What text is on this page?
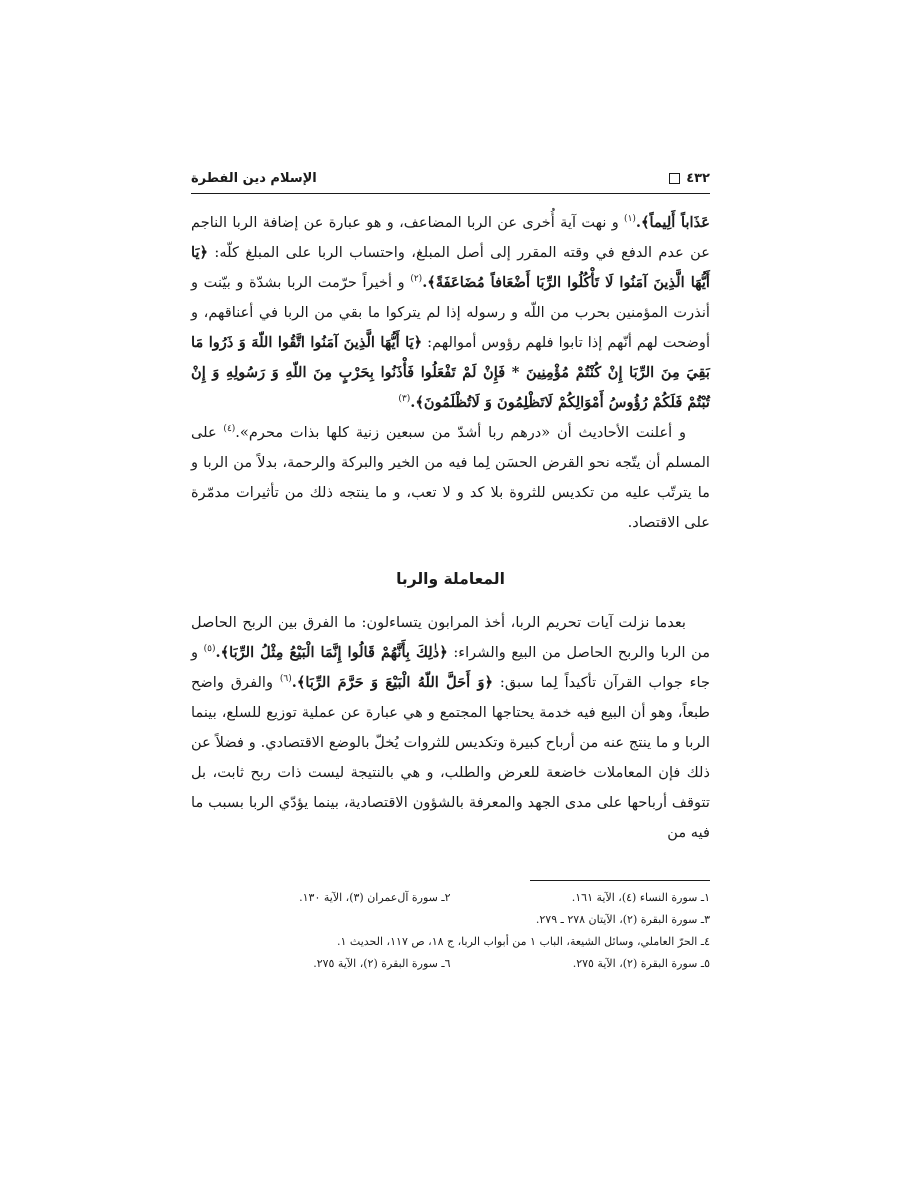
٤٣٢
الإسلام دين الفطرة

عَذَاباً أَلِيماً﴾.$^{(١)}$ و نهت آية أُخرى عن الربا المضاعف، و هو عبارة عن إضافة الربا الناجم عن عدم الدفع في وقته المقرر إلى أصل المبلغ، واحتساب الربا على المبلغ كلّه: ﴿يَا أَيُّهَا الَّذِينَ آمَنُوا لَا تَأْكُلُوا الرِّبَا أَضْعَافاً مُضَاعَفَةً﴾.$^{(٢)}$ و أخيراً حرّمت الربا بشدّة و بيّنت و أنذرت المؤمنين بحرب من اللّه و رسوله إذا لم يتركوا ما بقي من الربا في أعناقهم، و أوضحت لهم أنّهم إذا تابوا فلهم رؤوس أموالهم: ﴿يَا أَيُّهَا الَّذِينَ آمَنُوا اتَّقُوا اللّهَ وَ ذَرُوا مَا بَقِيَ مِنَ الرِّبَا إِنْ كُنْتُمْ مُؤْمِنِينَ * فَإِنْ لَمْ تَفْعَلُوا فَأْذَنُوا بِحَرْبٍ مِنَ اللّهِ وَ رَسُولِهِ وَ إِنْ تُبْتُمْ فَلَكُمْ رُؤُوسُ أَمْوَالِكُمْ لَاتَظْلِمُونَ وَ لَاتُظْلَمُونَ﴾.$^{(٣)}$

و أعلنت الأحاديث أن «درهم ربا أشدّ من سبعين زنية كلها بذات محرم».$^{(٤)}$ على المسلم أن يتّجه نحو القرض الحسَن لِما فيه من الخير والبركة والرحمة، بدلاً من الربا و ما يترتّب عليه من تكديس للثروة بلا كد و لا تعب، و ما ينتجه ذلك من تأثيرات مدمّرة على الاقتصاد.

المعاملة والربا

بعدما نزلت آيات تحريم الربا، أخذ المرابون يتساءلون: ما الفرق بين الربح الحاصل من الربا والربح الحاصل من البيع والشراء: ﴿ذٰلِكَ بِأَنَّهُمْ قَالُوا إِنَّمَا الْبَيْعُ مِثْلُ الرِّبَا﴾.$^{(٥)}$ و جاء جواب القرآن تأكيداً لِما سبق: ﴿وَ أَحَلَّ اللّهُ الْبَيْعَ وَ حَرَّمَ الرِّبَا﴾.$^{(٦)}$ والفرق واضح طبعاً، وهو أن البيع فيه خدمة يحتاجها المجتمع و هي عبارة عن عملية توزيع للسلع، بينما الربا و ما ينتج عنه من أرباح كبيرة وتكديس للثروات يُخلّ بالوضع الاقتصادي. و فضلاً عن ذلك فإن المعاملات خاضعة للعرض والطلب، و هي بالنتيجة ليست ذات ربح ثابت، بل تتوقف أرباحها على مدى الجهد والمعرفة بالشؤون الاقتصادية، بينما يؤدّي الربا بسبب ما فيه من

١ـ سورة النساء (٤)، الآية ١٦١.
٢ـ سورة آل‌عمران (٣)، الآية ١٣٠.
٣ـ سورة البقرة (٢)، الآيتان ٢٧٨ ـ ٢٧٩.
٤ـ الحرّ العاملي، وسائل الشيعة، الباب ١ من أبواب الربا، ج ١٨، ص ١١٧، الحديث ١.
٥ـ سورة البقرة (٢)، الآية ٢٧٥.
٦ـ سورة البقرة (٢)، الآية ٢٧٥.
